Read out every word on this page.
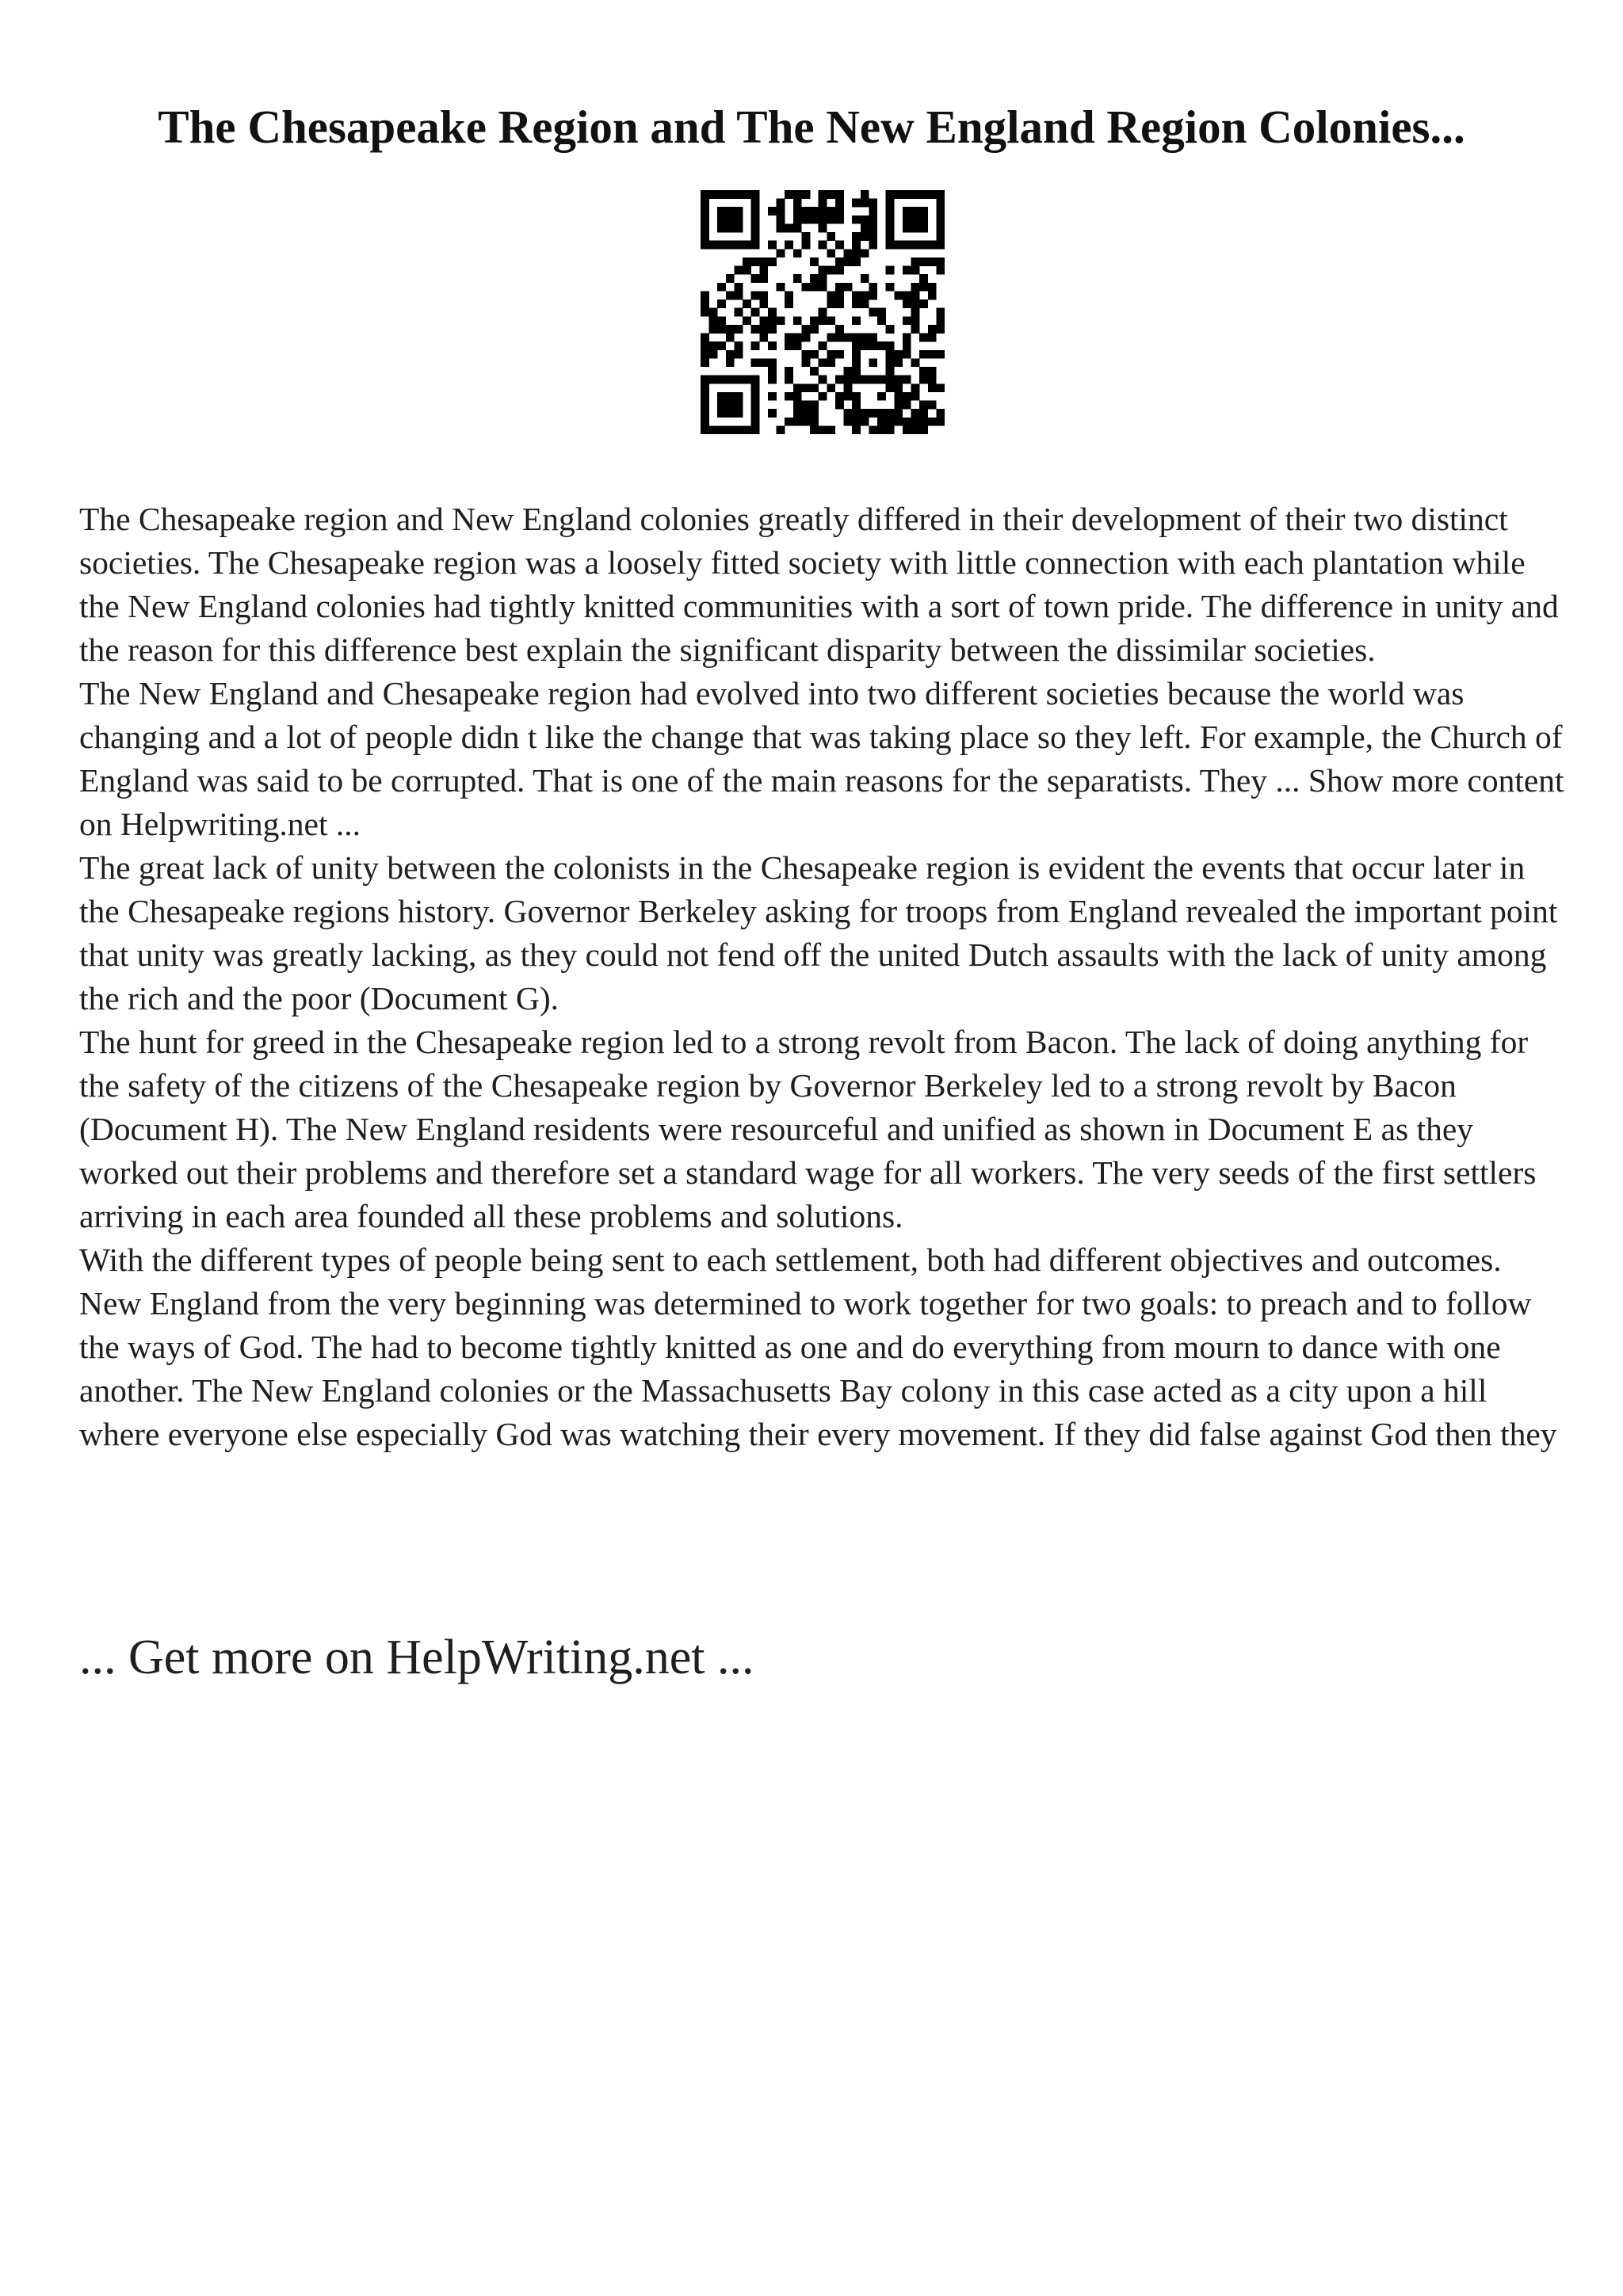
The Chesapeake Region and The New England Region Colonies...

The Chesapeake region and New England colonies greatly differed in their development of their two distinct societies. The Chesapeake region was a loosely fitted society with little connection with each plantation while the New England colonies had tightly knitted communities with a sort of town pride. The difference in unity and the reason for this difference best explain the significant disparity between the dissimilar societies.

The New England and Chesapeake region had evolved into two different societies because the world was changing and a lot of people didn t like the change that was taking place so they left. For example, the Church of England was said to be corrupted. That is one of the main reasons for the separatists. They ... Show more content on Helpwriting.net ...

The great lack of unity between the colonists in the Chesapeake region is evident the events that occur later in the Chesapeake regions history. Governor Berkeley asking for troops from England revealed the important point that unity was greatly lacking, as they could not fend off the united Dutch assaults with the lack of unity among the rich and the poor (Document G).

The hunt for greed in the Chesapeake region led to a strong revolt from Bacon. The lack of doing anything for the safety of the citizens of the Chesapeake region by Governor Berkeley led to a strong revolt by Bacon (Document H). The New England residents were resourceful and unified as shown in Document E as they worked out their problems and therefore set a standard wage for all workers. The very seeds of the first settlers arriving in each area founded all these problems and solutions.

With the different types of people being sent to each settlement, both had different objectives and outcomes. New England from the very beginning was determined to work together for two goals: to preach and to follow the ways of God. The had to become tightly knitted as one and do everything from mourn to dance with one another. The New England colonies or the Massachusetts Bay colony in this case acted as a city upon a hill where everyone else especially God was watching their every movement. If they did false against God then they

... Get more on HelpWriting.net ...
